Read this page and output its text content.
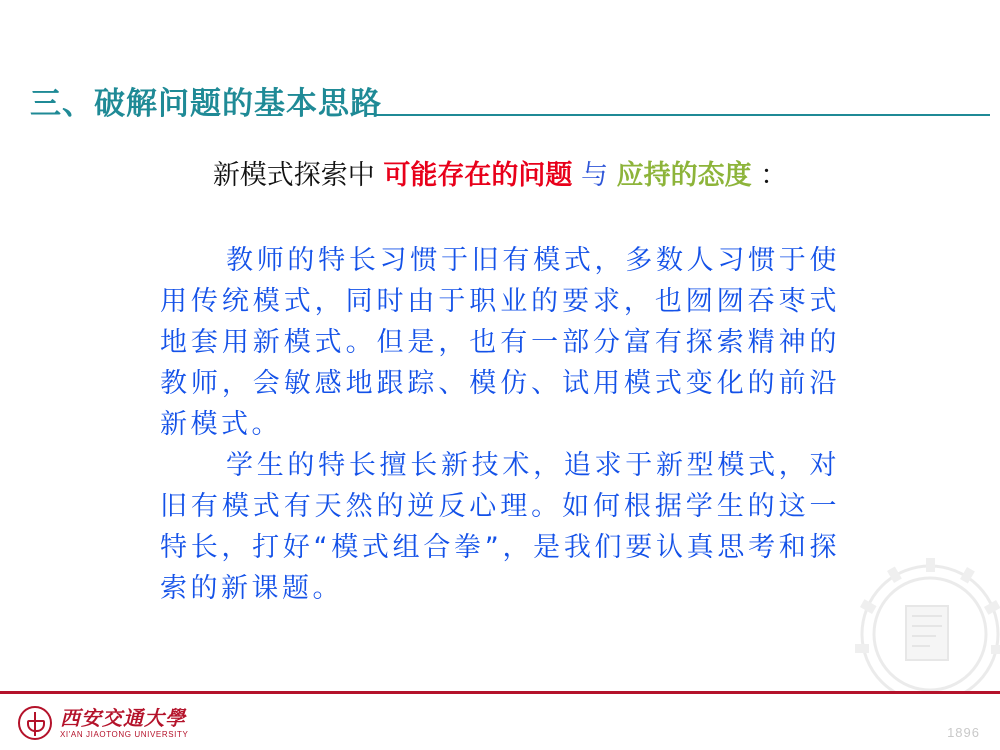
三、破解问题的基本思路
新模式探索中 可能存在的问题 与 应持的态度 ：

教师的特长习惯于旧有模式，多数人习惯于使用传统模式，同时由于职业的要求，也囫囫吞枣式地套用新模式。但是，也有一部分富有探索精神的教师，会敏感地跟踪、模仿、试用模式变化的前沿新模式。

学生的特长擅长新技术，追求于新型模式，对旧有模式有天然的逆反心理。如何根据学生的这一特长，打好“模式组合拳”，是我们要认真思考和探索的新课题。

西安交通大學
XI'AN JIAOTONG UNIVERSITY	1896
